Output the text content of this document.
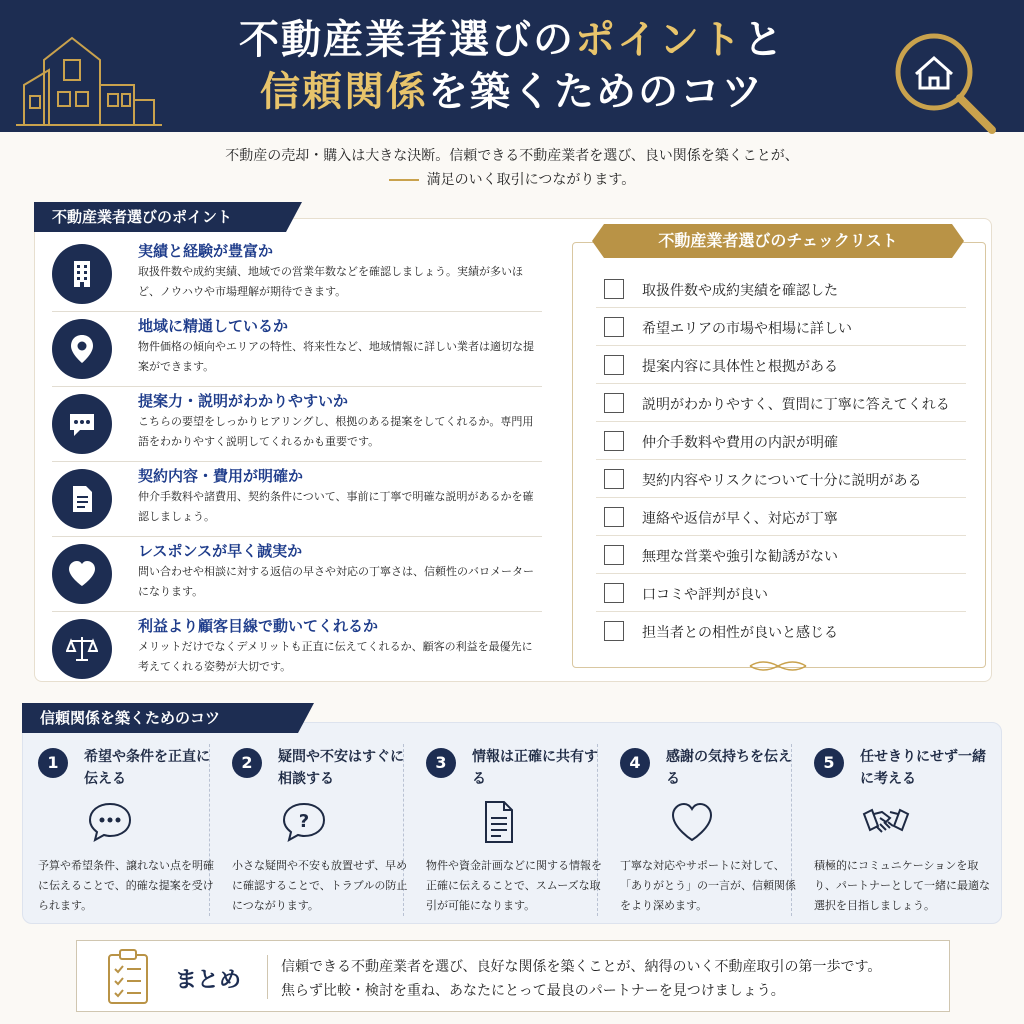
不動産業者選びのポイントと
信頼関係を築くためのコツ
不動産の売却・購入は大きな決断。信頼できる不動産業者を選び、良い関係を築くことが、
満足のいく取引につながります。
不動産業者選びのポイント
実績と経験が豊富か
取扱件数や成約実績、地域での営業年数などを確認しましょう。実績が多いほど、ノウハウや市場理解が期待できます。
地域に精通しているか
物件価格の傾向やエリアの特性、将来性など、地域情報に詳しい業者は適切な提案ができます。
提案力・説明がわかりやすいか
こちらの要望をしっかりヒアリングし、根拠のある提案をしてくれるか。専門用語をわかりやすく説明してくれるかも重要です。
契約内容・費用が明確か
仲介手数料や諸費用、契約条件について、事前に丁寧で明確な説明があるかを確認しましょう。
レスポンスが早く誠実か
問い合わせや相談に対する返信の早さや対応の丁寧さは、信頼性のバロメーターになります。
利益より顧客目線で動いてくれるか
メリットだけでなくデメリットも正直に伝えてくれるか、顧客の利益を最優先に考えてくれる姿勢が大切です。
不動産業者選びのチェックリスト
取扱件数や成約実績を確認した
希望エリアの市場や相場に詳しい
提案内容に具体性と根拠がある
説明がわかりやすく、質問に丁寧に答えてくれる
仲介手数料や費用の内訳が明確
契約内容やリスクについて十分に説明がある
連絡や返信が早く、対応が丁寧
無理な営業や強引な勧誘がない
口コミや評判が良い
担当者との相性が良いと感じる
信頼関係を築くためのコツ
1	希望や条件を正直に伝える
予算や希望条件、譲れない点を明確に伝えることで、的確な提案を受けられます。
2	疑問や不安はすぐに相談する
?
小さな疑問や不安も放置せず、早めに確認することで、トラブルの防止につながります。
3	情報は正確に共有する
物件や資金計画などに関する情報を正確に伝えることで、スムーズな取引が可能になります。
4	感謝の気持ちを伝える
丁寧な対応やサポートに対して、「ありがとう」の一言が、信頼関係をより深めます。
5	任せきりにせず一緒に考える
積極的にコミュニケーションを取り、パートナーとして一緒に最適な選択を目指しましょう。
まとめ
信頼できる不動産業者を選び、良好な関係を築くことが、納得のいく不動産取引の第一歩です。
焦らず比較・検討を重ね、あなたにとって最良のパートナーを見つけましょう。
